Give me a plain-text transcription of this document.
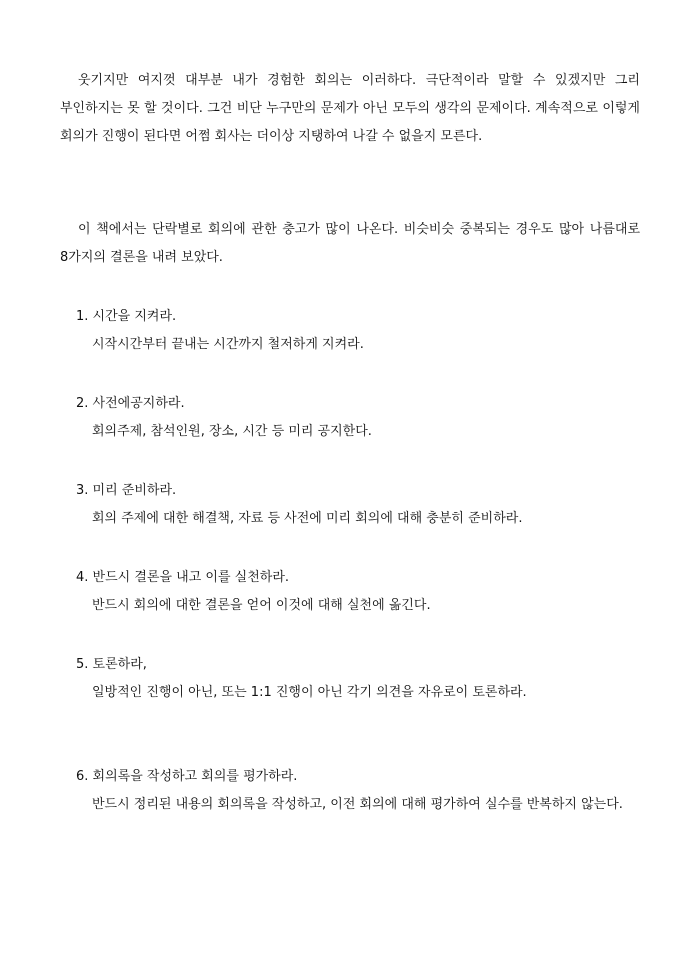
웃기지만 여지껏 대부분 내가 경험한 회의는 이러하다. 극단적이라 말할 수 있겠지만 그리 부인하지는 못 할 것이다. 그건 비단 누구만의 문제가 아닌 모두의 생각의 문제이다. 계속적으로 이렇게 회의가 진행이 된다면 어쩜 회사는 더이상 지탱하여 나갈 수 없을지 모른다.

이 책에서는 단락별로 회의에 관한 충고가 많이 나온다. 비슷비슷 중복되는 경우도 많아 나름대로 8가지의 결론을 내려 보았다.

1. 시간을 지켜라.
시작시간부터 끝내는 시간까지 철저하게 지켜라.
2. 사전에공지하라.
회의주제, 참석인원, 장소, 시간 등 미리 공지한다.
3. 미리 준비하라.
회의 주제에 대한 해결책, 자료 등 사전에 미리 회의에 대해 충분히 준비하라.
4. 반드시 결론을 내고 이를 실천하라.
반드시 회의에 대한 결론을 얻어 이것에 대해 실천에 옮긴다.
5. 토론하라,
일방적인 진행이 아닌, 또는 1:1 진행이 아닌 각기 의견을 자유로이 토론하라.
6. 회의록을 작성하고 회의를 평가하라.
반드시 정리된 내용의 회의록을 작성하고, 이전 회의에 대해 평가하여 실수를 반복하지 않는다.
